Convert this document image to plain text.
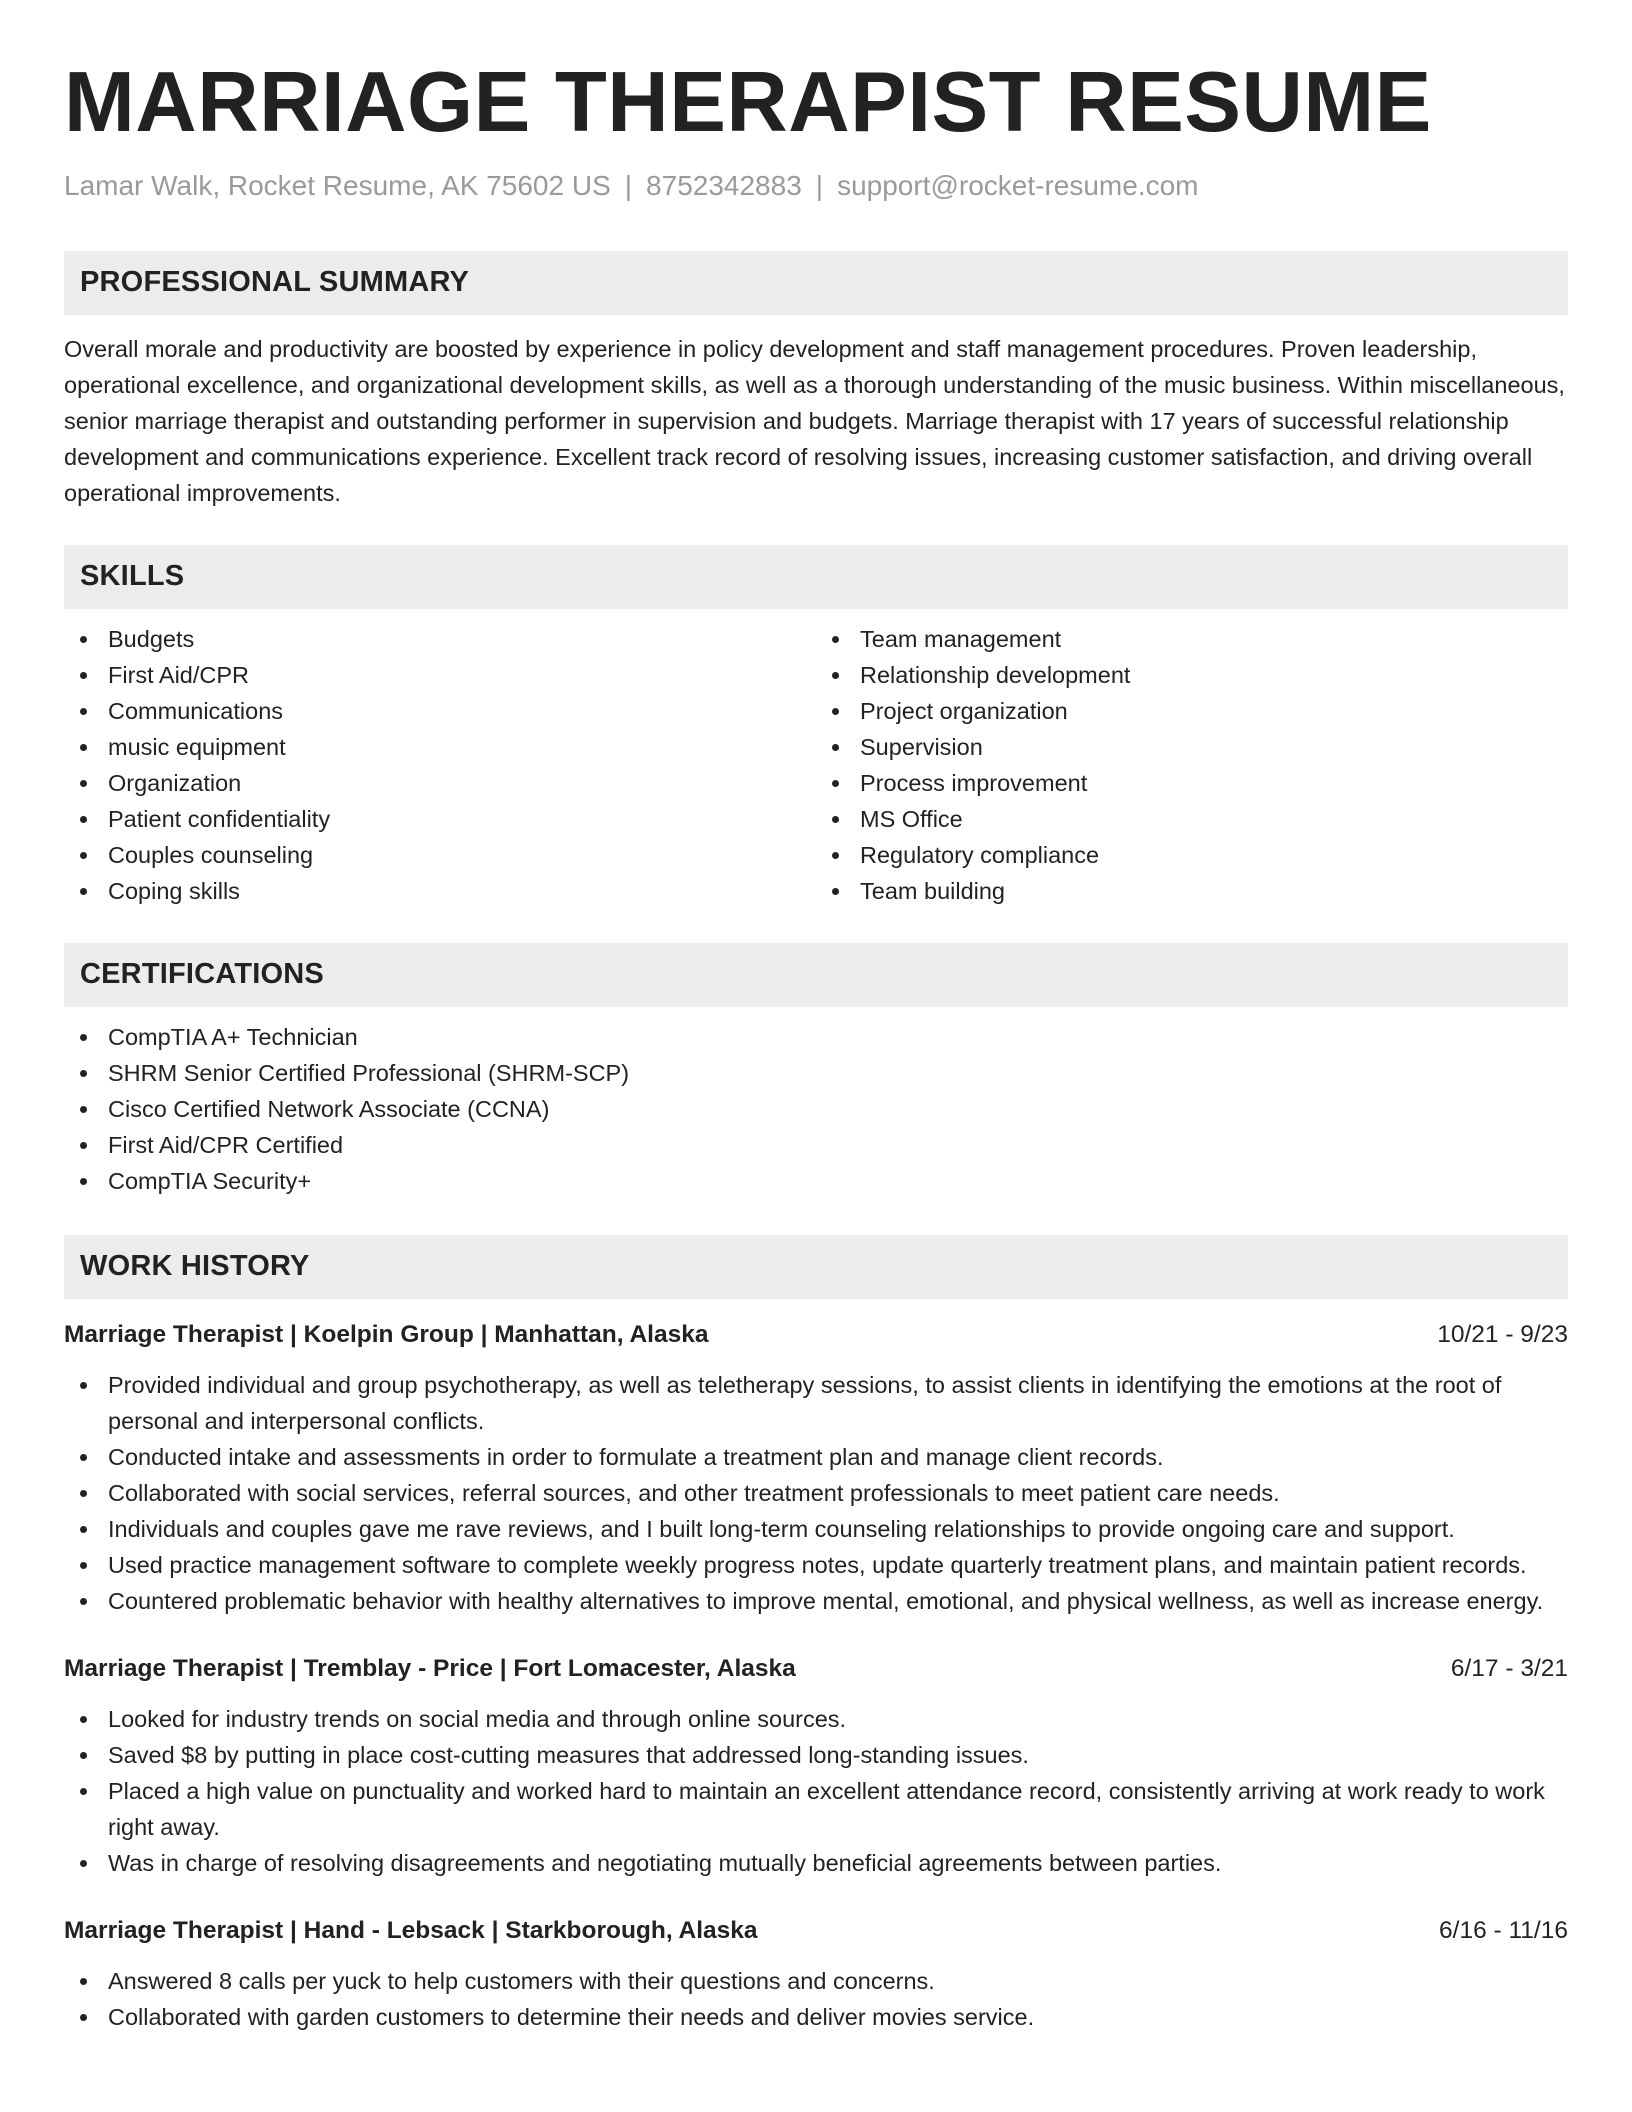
MARRIAGE THERAPIST RESUME
Lamar Walk, Rocket Resume, AK 75602 US | 8752342883 | support@rocket-resume.com
PROFESSIONAL SUMMARY

Overall morale and productivity are boosted by experience in policy development and staff management procedures. Proven leadership, operational excellence, and organizational development skills, as well as a thorough understanding of the music business. Within miscellaneous, senior marriage therapist and outstanding performer in supervision and budgets. Marriage therapist with 17 years of successful relationship development and communications experience. Excellent track record of resolving issues, increasing customer satisfaction, and driving overall operational improvements.

SKILLS
Budgets
First Aid/CPR
Communications
music equipment
Organization
Patient confidentiality
Couples counseling
Coping skills
Team management
Relationship development
Project organization
Supervision
Process improvement
MS Office
Regulatory compliance
Team building
CERTIFICATIONS
CompTIA A+ Technician
SHRM Senior Certified Professional (SHRM-SCP)
Cisco Certified Network Associate (CCNA)
First Aid/CPR Certified
CompTIA Security+
WORK HISTORY
Marriage Therapist | Koelpin Group | Manhattan, Alaska	10/21 - 9/23
Provided individual and group psychotherapy, as well as teletherapy sessions, to assist clients in identifying the emotions at the root of personal and interpersonal conflicts.
Conducted intake and assessments in order to formulate a treatment plan and manage client records.
Collaborated with social services, referral sources, and other treatment professionals to meet patient care needs.
Individuals and couples gave me rave reviews, and I built long-term counseling relationships to provide ongoing care and support.
Used practice management software to complete weekly progress notes, update quarterly treatment plans, and maintain patient records.
Countered problematic behavior with healthy alternatives to improve mental, emotional, and physical wellness, as well as increase energy.
Marriage Therapist | Tremblay - Price | Fort Lomacester, Alaska	6/17 - 3/21
Looked for industry trends on social media and through online sources.
Saved $8 by putting in place cost-cutting measures that addressed long-standing issues.
Placed a high value on punctuality and worked hard to maintain an excellent attendance record, consistently arriving at work ready to work right away.
Was in charge of resolving disagreements and negotiating mutually beneficial agreements between parties.
Marriage Therapist | Hand - Lebsack | Starkborough, Alaska	6/16 - 11/16
Answered 8 calls per yuck to help customers with their questions and concerns.
Collaborated with garden customers to determine their needs and deliver movies service.
